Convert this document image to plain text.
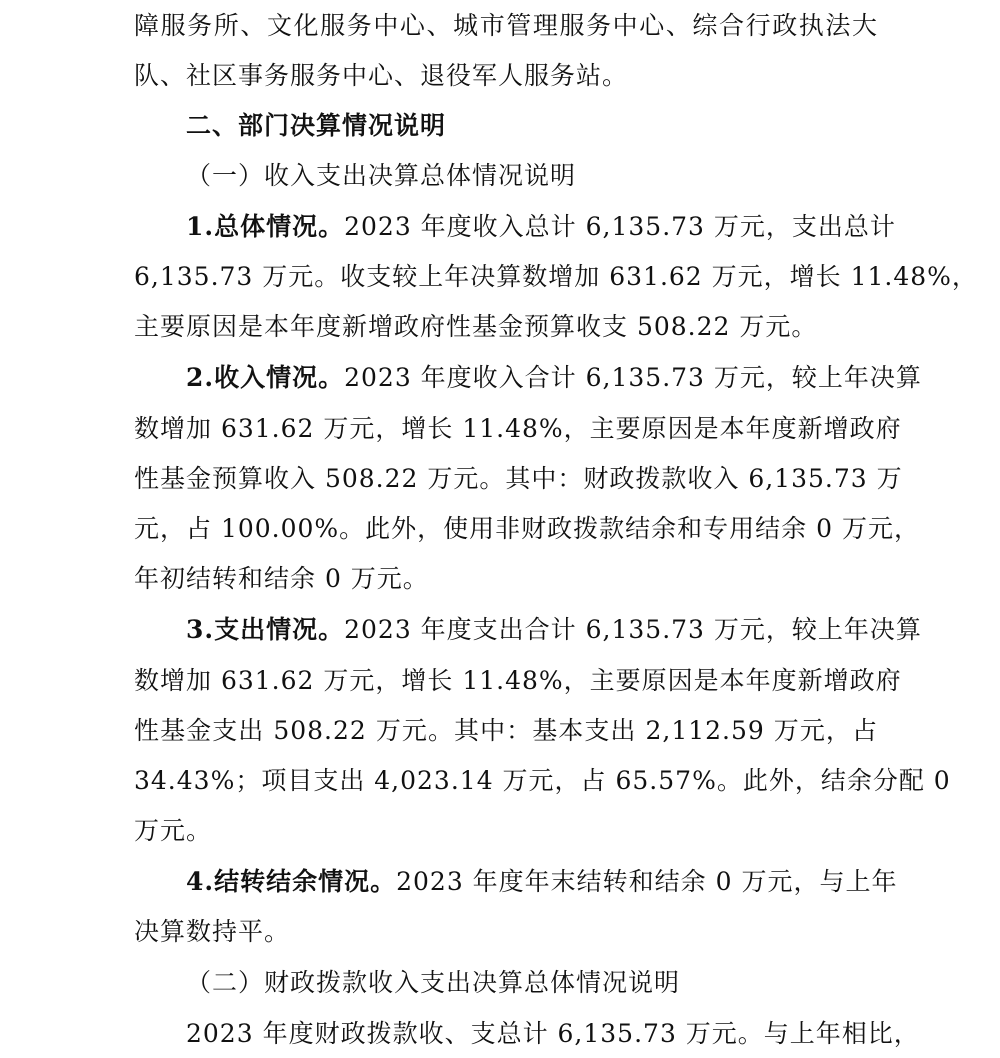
障服务所、文化服务中心、城市管理服务中心、综合行政执法大
队、社区事务服务中心、退役军人服务站。
二、部门决算情况说明
（一）收入支出决算总体情况说明
1.总体情况。2023 年度收入总计 6,135.73 万元，支出总计
6,135.73 万元。收支较上年决算数增加 631.62 万元，增长 11.48%，
主要原因是本年度新增政府性基金预算收支 508.22 万元。
2.收入情况。2023 年度收入合计 6,135.73 万元，较上年决算
数增加 631.62 万元，增长 11.48%，主要原因是本年度新增政府
性基金预算收入 508.22 万元。其中：财政拨款收入 6,135.73 万
元，占 100.00%。此外，使用非财政拨款结余和专用结余 0 万元，
年初结转和结余 0 万元。
3.支出情况。2023 年度支出合计 6,135.73 万元，较上年决算
数增加 631.62 万元，增长 11.48%，主要原因是本年度新增政府
性基金支出 508.22 万元。其中：基本支出 2,112.59 万元，占
34.43%；项目支出 4,023.14 万元，占 65.57%。此外，结余分配 0
万元。
4.结转结余情况。2023 年度年末结转和结余 0 万元，与上年
决算数持平。
（二）财政拨款收入支出决算总体情况说明
2023 年度财政拨款收、支总计 6,135.73 万元。与上年相比，
